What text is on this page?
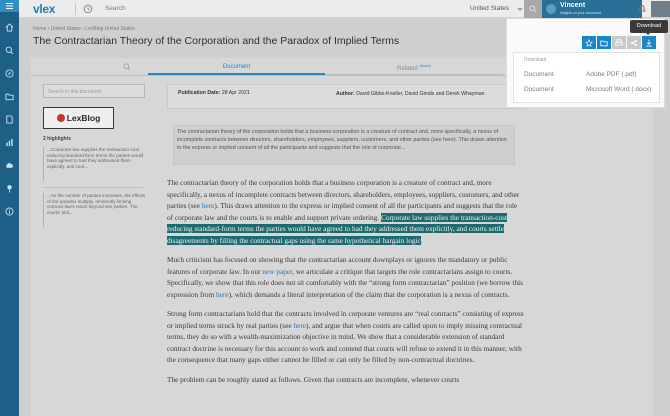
vlex	Search	United States	Vincent
Insights on your document
0
Home › United States › LexBlog United States
The Contractarian Theory of the Corporation and the Paradox of Implied Terms
Document	Related $^{Vincent}$
Search in this document
LexBlog
2 highlights
...Corporate law supplies the transaction-cost reducing standard-form terms the parties would have agreed to had they addressed them explicitly, and cour...
...As the number of parties increases, the effects of the paradox multiply. Inherently limiting contract law's reach beyond two parties. The courts' abil...
Publication Date: 28 Apr 2021	Author: David Gibbs-Kneller, David Gindis and Derek Whayman
The contractarian theory of the corporation holds that a business corporation is a creature of contract and, more specifically, a nexus of incomplete contracts between directors, shareholders, employees, suppliers, customers, and other parties (see here). This draws attention to the express or implied consent of all the participants and suggests that the role of corporate...

The contractarian theory of the corporation holds that a business corporation is a creature of contract and, more specifically, a nexus of incomplete contracts between directors, shareholders, employees, suppliers, customers, and other parties (see here). This draws attention to the express or implied consent of all the participants and suggests that the role of corporate law and the courts is to enable and support private ordering. Corporate law supplies the transaction-cost reducing standard-form terms the parties would have agreed to had they addressed them explicitly, and courts settle disagreements by filling the contractual gaps using the same hypothetical bargain logic.

Much criticism has focused on showing that the contractarian account downplays or ignores the mandatory or public features of corporate law. In our new paper, we articulate a critique that targets the role contractarians assign to courts. Specifically, we show that this role does not sit comfortably with the “strong form contractarian” position (we borrow this expression from here), which demands a literal interpretation of the claim that the corporation is a nexus of contracts.

Strong form contractarians hold that the contracts involved in corporate ventures are “real contracts” consisting of express or implied terms struck by real parties (see here), and argue that when courts are called upon to imply missing contractual terms, they do so with a wealth-maximization objective in mind. We show that a considerable extension of standard contract doctrine is necessary for this account to work and contend that courts will refuse to extend it in this manner, with the consequence that many gaps either cannot be filled or can only be filled by non-contractual doctrines.

The problem can be roughly stated as follows. Given that contracts are incomplete, whenever courts

Download
Document	Adobe PDF (.pdf)
Document	Microsoft Word (.docx)
Download
